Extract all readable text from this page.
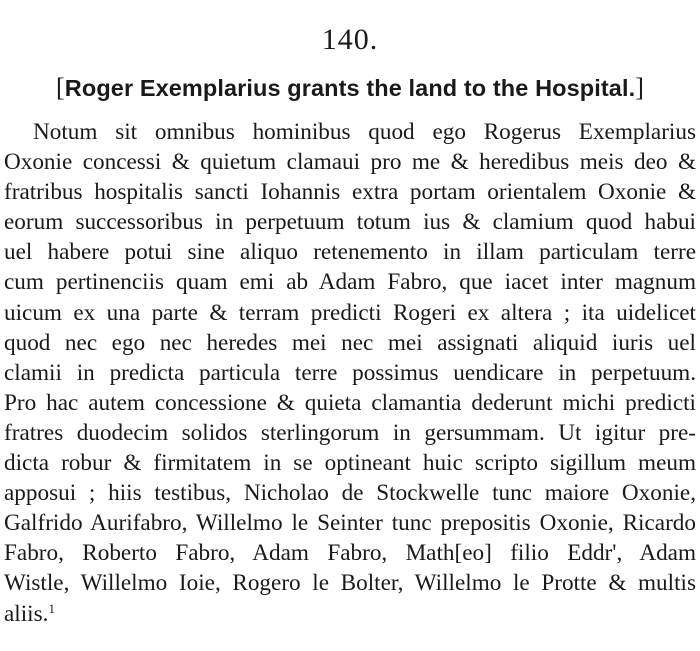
140.
[Roger Exemplarius grants the land to the Hospital.]
Notum sit omnibus hominibus quod ego Rogerus Exemplarius
Oxonie concessi & quietum clamaui pro me & heredibus meis deo &
fratribus hospitalis sancti Iohannis extra portam orientalem Oxonie &
eorum successoribus in perpetuum totum ius & clamium quod habui
uel habere potui sine aliquo retenemento in illam particulam terre
cum pertinenciis quam emi ab Adam Fabro, que iacet inter magnum
uicum ex una parte & terram predicti Rogeri ex altera ; ita uidelicet
quod nec ego nec heredes mei nec mei assignati aliquid iuris uel
clamii in predicta particula terre possimus uendicare in perpetuum.
Pro hac autem concessione & quieta clamantia dederunt michi predicti
fratres duodecim solidos sterlingorum in gersummam. Ut igitur pre-
dicta robur & firmitatem in se optineant huic scripto sigillum meum
apposui ; hiis testibus, Nicholao de Stockwelle tunc maiore Oxonie,
Galfrido Aurifabro, Willelmo le Seinter tunc prepositis Oxonie, Ricardo
Fabro, Roberto Fabro, Adam Fabro, Math[eo] filio Eddr', Adam
Wistle, Willelmo Ioie, Rogero le Bolter, Willelmo le Protte & multis
aliis.$^1$
